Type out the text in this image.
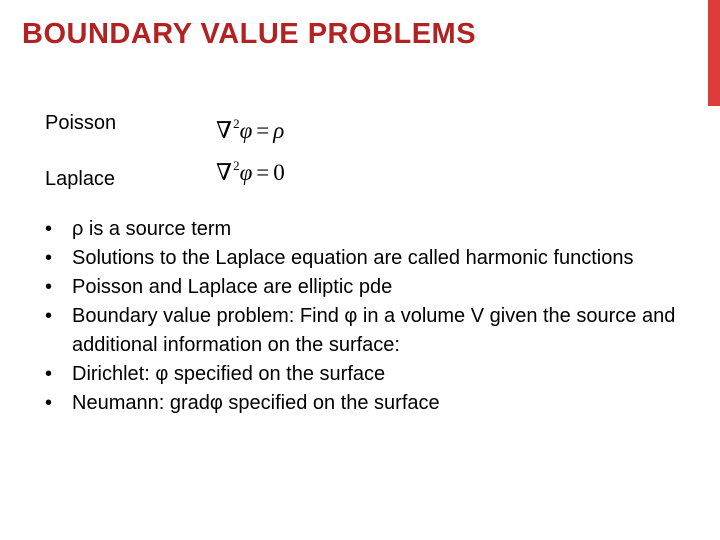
BOUNDARY VALUE PROBLEMS
Poisson	∇$^2$φ = ρ
Laplace	∇$^2$φ = 0
• ρ is a source term
• Solutions to the Laplace equation are called harmonic functions
• Poisson and Laplace are elliptic pde
• Boundary value problem: Find φ in a volume V given the source and additional information on the surface:
• Dirichlet: φ specified on the surface
• Neumann: gradφ specified on the surface
